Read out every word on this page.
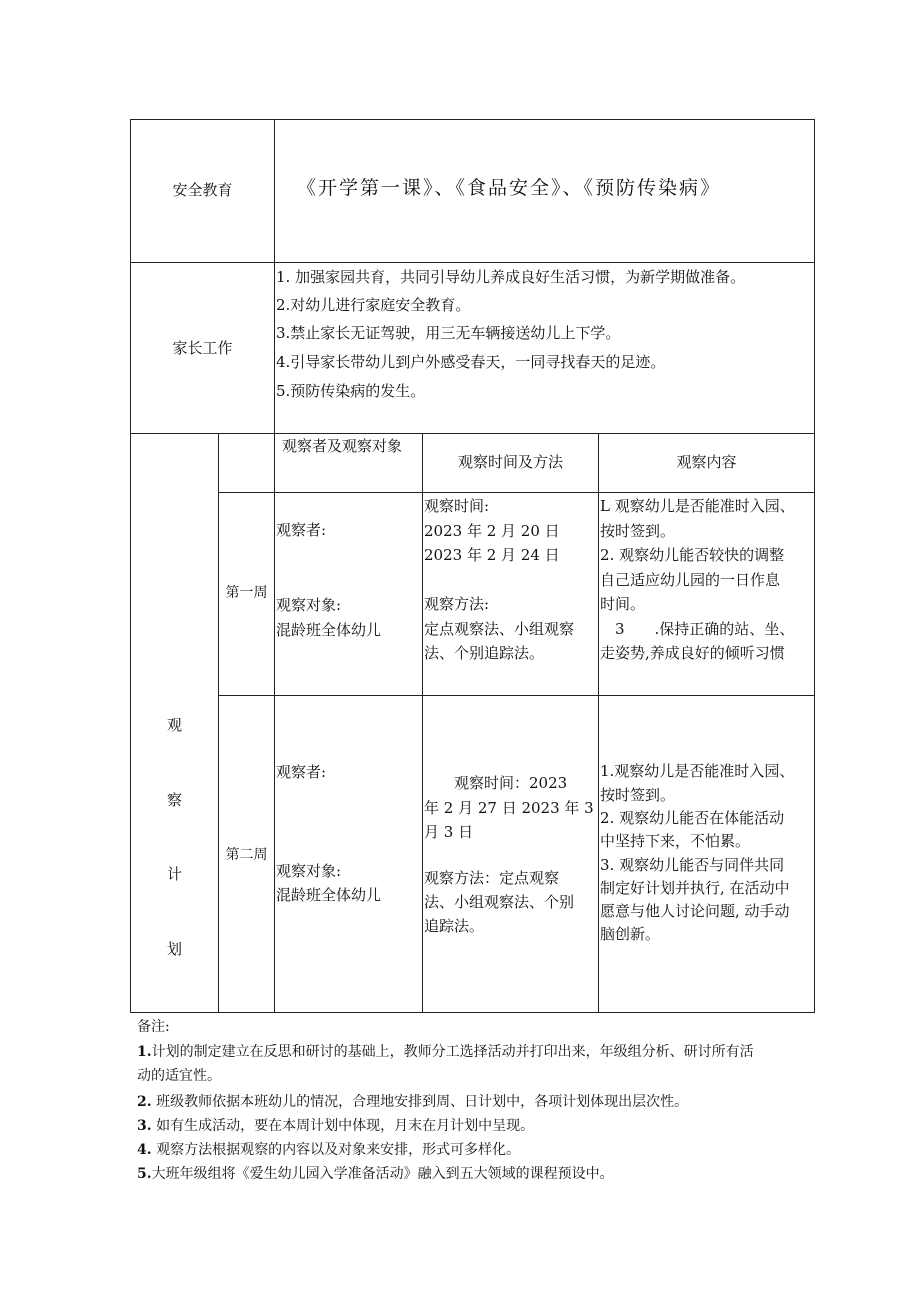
安全教育	《开学第一课》、《食品安全》、《预防传染病》
家长工作
1. 加强家园共育，共同引导幼儿养成良好生活习惯，为新学期做准备。
2.对幼儿进行家庭安全教育。
3.禁止家长无证驾驶，用三无车辆接送幼儿上下学。
4.引导家长带幼儿到户外感受春天，一同寻找春天的足迹。
5.预防传染病的发生。
观
察
计
划
观察者及观察对象
观察时间及方法	观察内容
第一周
观察者:
观察对象:
混龄班全体幼儿
观察时间:
2023 年 2 月 20 日
2023 年 2 月 24 日
观察方法:
定点观察法、小组观察
法、个别追踪法。
L 观察幼儿是否能准时入园、
按时签到。
2. 观察幼儿能否较快的调整
自己适应幼儿园的一日作息
时间。
　3　　.保持正确的站、坐、
走姿势,养成良好的倾听习惯
第二周
观察者:
观察对象:
混龄班全体幼儿
　　观察时间：2023
年 2 月 27 日 2023 年 3
月 3 日
观察方法：定点观察
法、小组观察法、个别
追踪法。
1.观察幼儿是否能准时入园、
按时签到。
2. 观察幼儿能否在体能活动
中坚持下来，不怕累。
3. 观察幼儿能否与同伴共同
制定好计划并执行, 在活动中
愿意与他人讨论问题, 动手动
脑创新。
备注:
1.计划的制定建立在反思和研讨的基础上，教师分工选择活动并打印出来，年级组分析、研讨所有活
动的适宜性。
2. 班级教师依据本班幼儿的情况，合理地安排到周、日计划中，各项计划体现出层次性。
3. 如有生成活动，要在本周计划中体现，月末在月计划中呈现。
4. 观察方法根据观察的内容以及对象来安排，形式可多样化。
5.大班年级组将《爱生幼儿园入学准备活动》融入到五大领域的课程预设中。
